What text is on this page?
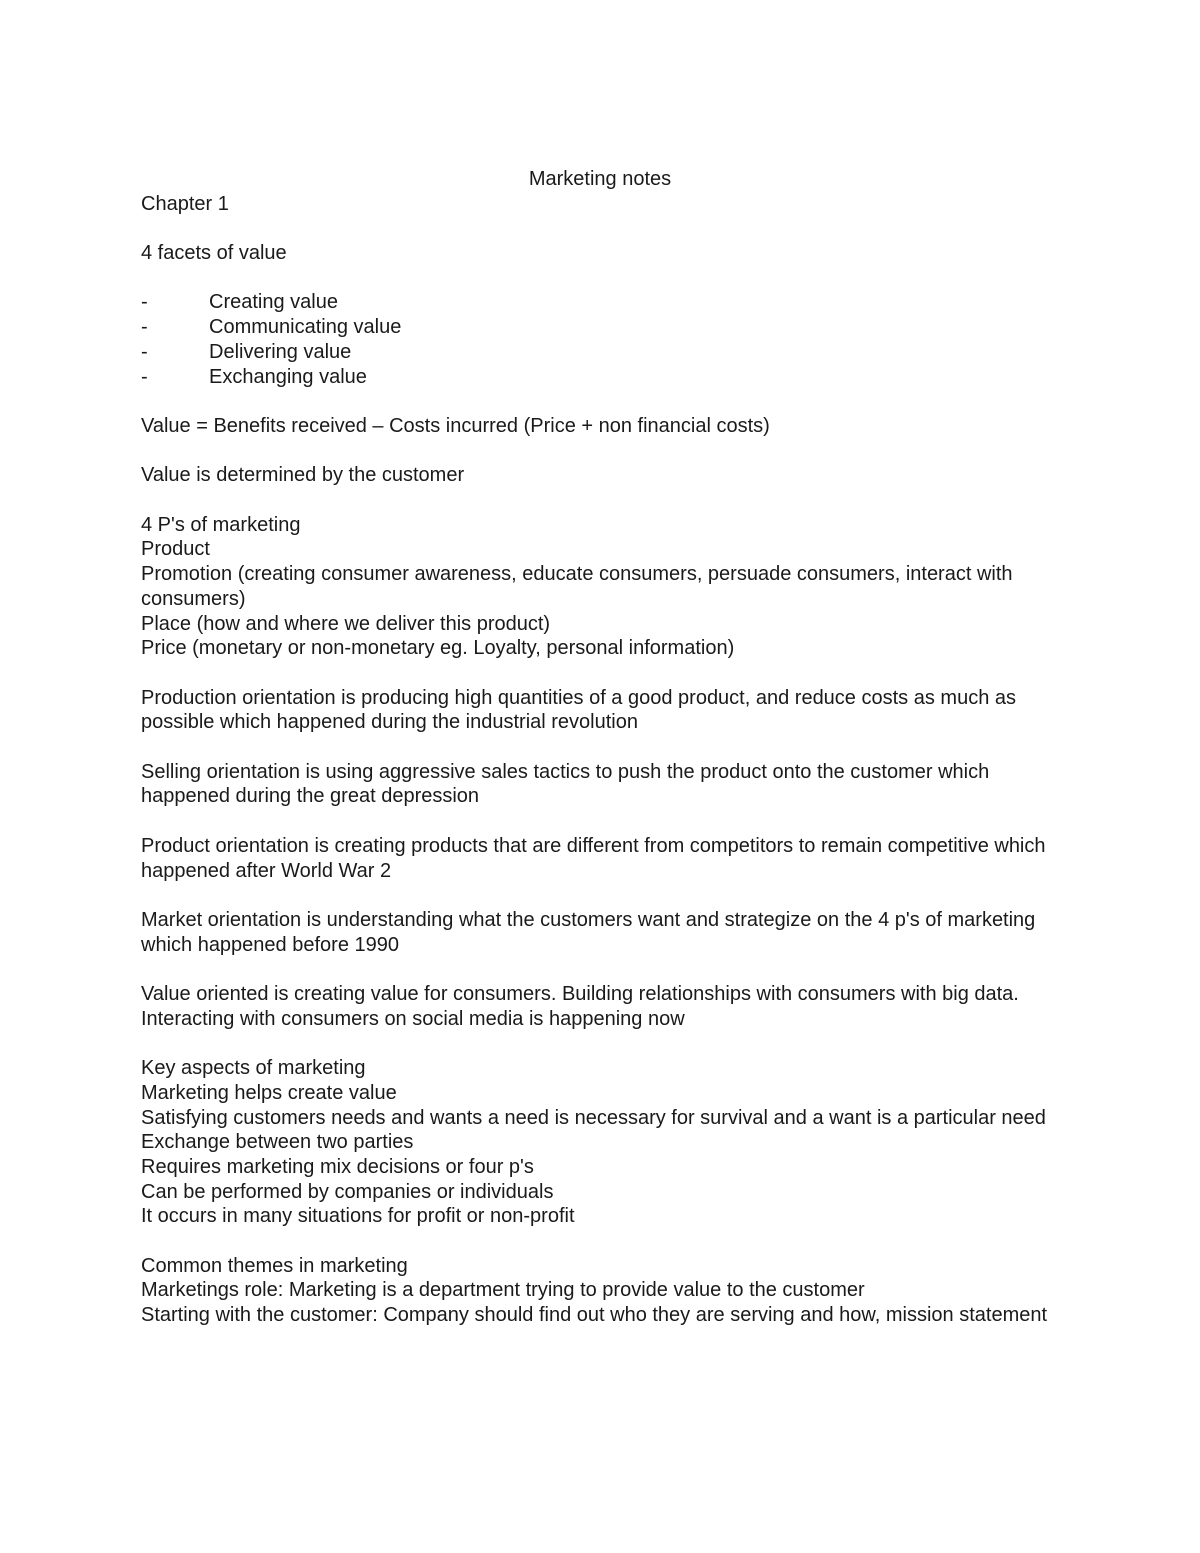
Marketing notes

Chapter 1

4 facets of value

-	Creating value

-	Communicating value

-	Delivering value

-	Exchanging value

Value = Benefits received – Costs incurred (Price + non financial costs)

Value is determined by the customer

4 P's of marketing

Product

Promotion (creating consumer awareness, educate consumers, persuade consumers, interact with consumers)

Place (how and where we deliver this product)

Price (monetary or non-monetary eg. Loyalty, personal information)

Production orientation is producing high quantities of a good product, and reduce costs as much as possible which happened during the industrial revolution

Selling orientation is using aggressive sales tactics to push the product onto the customer which happened during the great depression

Product orientation is creating products that are different from competitors to remain competitive which happened after World War 2

Market orientation is understanding what the customers want and strategize on the 4 p's of marketing which happened before 1990

Value oriented is creating value for consumers. Building relationships with consumers with big data. Interacting with consumers on social media is happening now

Key aspects of marketing

Marketing helps create value

Satisfying customers needs and wants a need is necessary for survival and a want is a particular need

Exchange between two parties

Requires marketing mix decisions or four p's

Can be performed by companies or individuals

It occurs in many situations for profit or non-profit

Common themes in marketing

Marketings role: Marketing is a department trying to provide value to the customer

Starting with the customer: Company should find out who they are serving and how, mission statement
